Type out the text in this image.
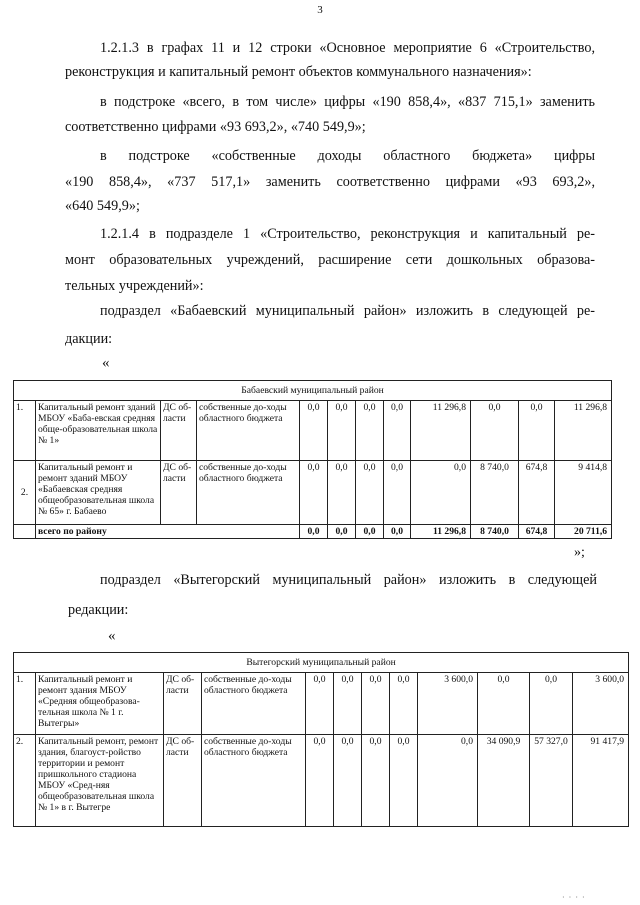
3
1.2.1.3 в графах 11 и 12 строки «Основное мероприятие 6 «Строительство,
реконструкция и капитальный ремонт объектов коммунального назначения»:
в подстроке «всего, в том числе» цифры «190 858,4», «837 715,1» заменить
соответственно цифрами «93 693,2», «740 549,9»;
в подстроке «собственные доходы областного бюджета» цифры
«190 858,4», «737 517,1» заменить соответственно цифрами «93 693,2»,
«640 549,9»;
1.2.1.4 в подразделе 1 «Строительство, реконструкция и капитальный ре-
монт образовательных учреждений, расширение сети дошкольных образова-
тельных учреждений»:
подраздел «Бабаевский муниципальный район» изложить в следующей ре-
дакции:
«
Бабаевский муниципальный район											
1.	Капитальный ремонт зданий МБОУ «Баба-евская средняя обще-образовательная школа № 1»	ДС об-ласти	собственные до-ходы областного бюджета	0,0	0,0	0,0	0,0	11 296,8	0,0	0,0	11 296,8
2.	Капитальный ремонт и ремонт зданий МБОУ «Бабаевская средняя общеобразовательная школа № 65» г. Бабаево	ДС об-ласти	собственные до-ходы областного бюджета	0,0	0,0	0,0	0,0	0,0	8 740,0	674,8	9 414,8
	всего по району			0,0	0,0	0,0	0,0	11 296,8	8 740,0	674,8	20 711,6
»;
подраздел «Вытегорский муниципальный район» изложить в следующей
редакции:
«
Вытегорский муниципальный район											
1.	Капитальный ремонт и ремонт здания МБОУ «Средняя общеобразова-тельная школа № 1 г. Вытегры»	ДС об-ласти	собственные до-ходы областного бюджета	0,0	0,0	0,0	0,0	3 600,0	0,0	0,0	3 600,0
2.	Капитальный ремонт, ремонт здания, благоуст-ройство территории и ремонт пришкольного стадиона МБОУ «Сред-няя общеобразовательная школа № 1» в г. Вытегре	ДС об-ласти	собственные до-ходы областного бюджета	0,0	0,0	0,0	0,0	0,0	34 090,9	57 327,0	91 417,9
· · · ·
